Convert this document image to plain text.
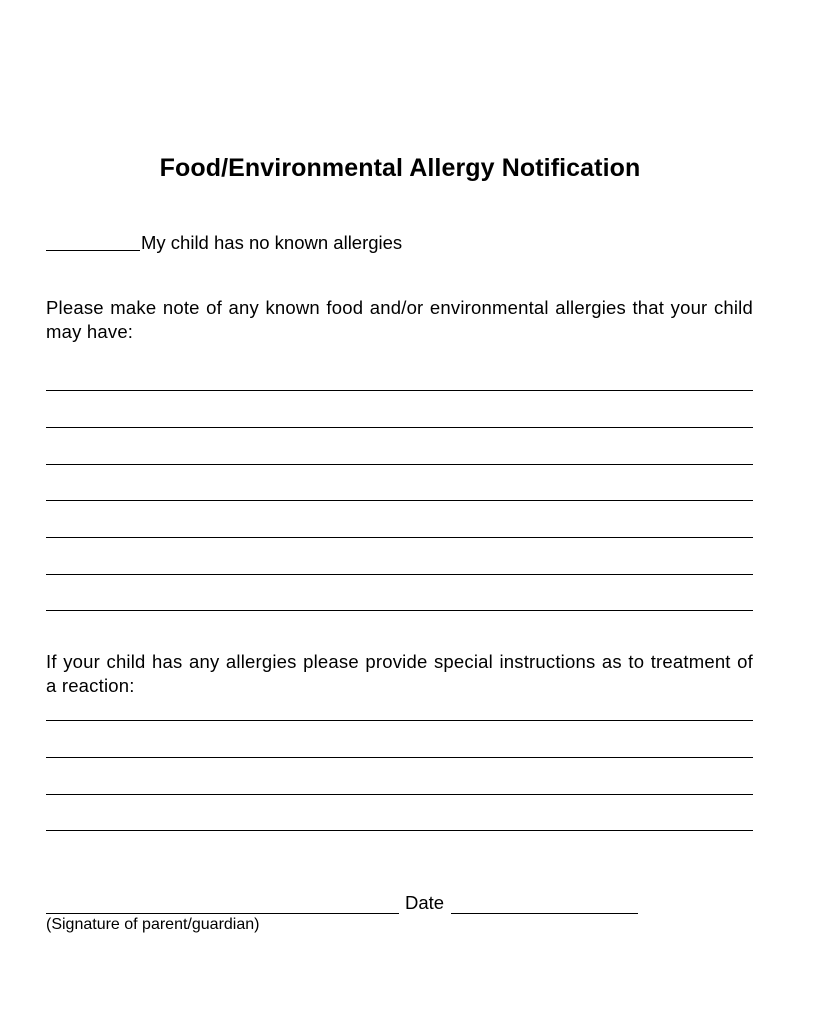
Food/Environmental Allergy Notification
My child has no known allergies

Please make note of any known food and/or environmental allergies that your child may have:

If your child has any allergies please provide special instructions as to treatment of a reaction:

Date
(Signature of parent/guardian)
